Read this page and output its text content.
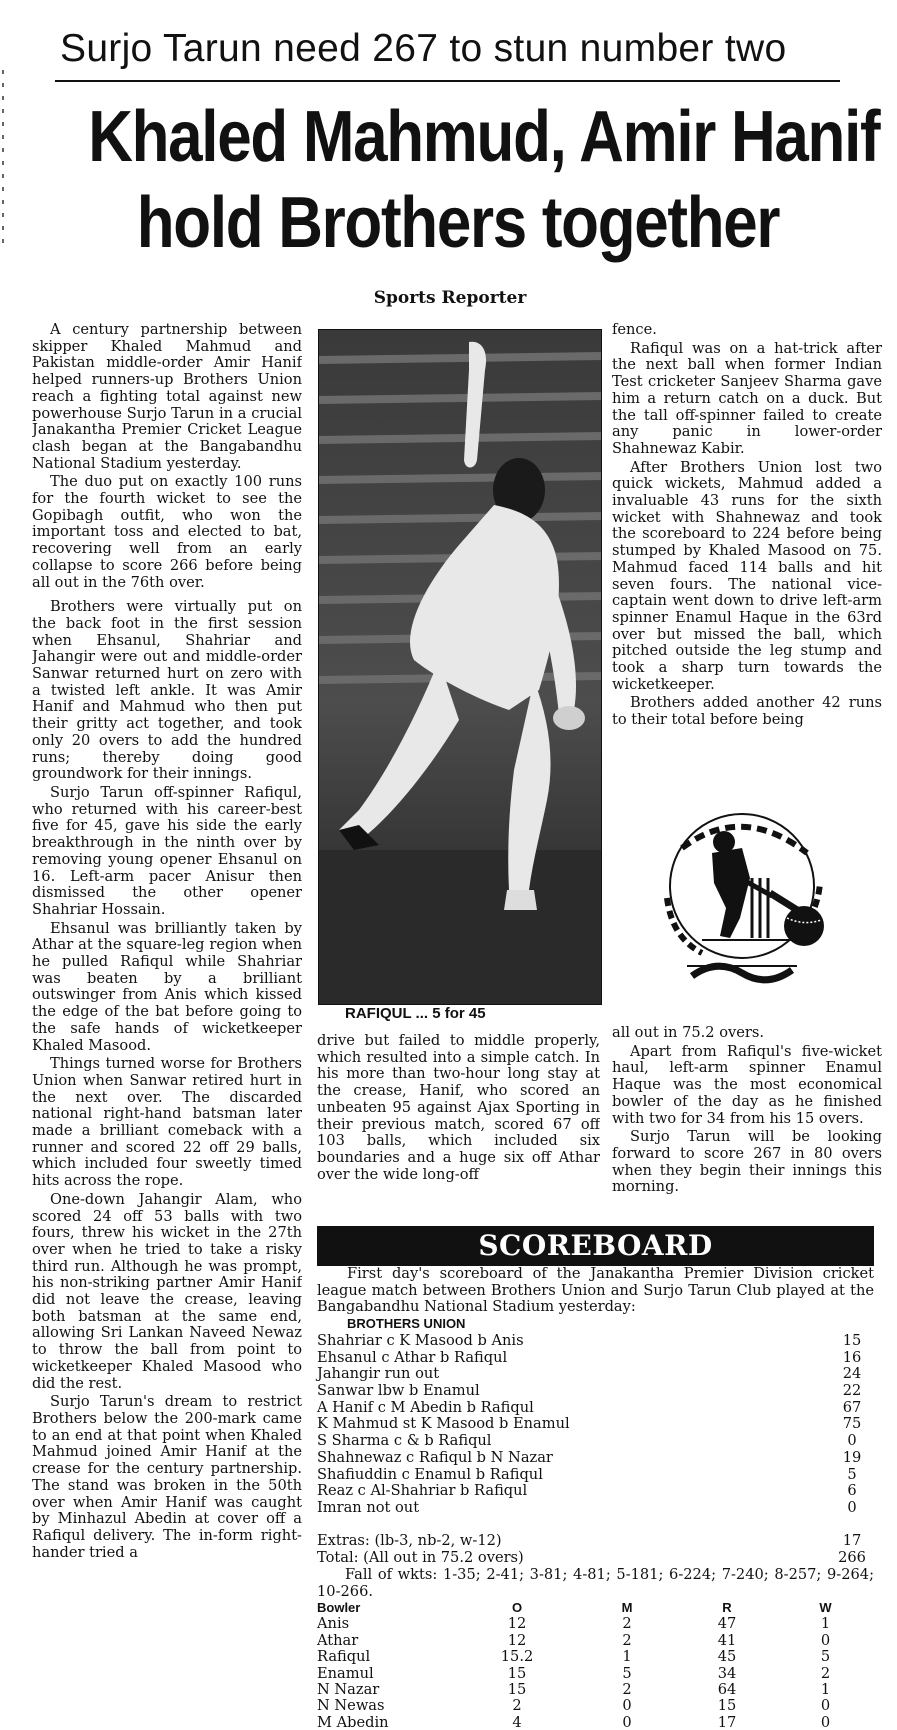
Surjo Tarun need 267 to stun number two
Khaled Mahmud, Amir Hanif
hold Brothers together
Sports Reporter

A century partnership between skipper Khaled Mahmud and Pakistan middle-order Amir Hanif helped runners-up Brothers Union reach a fighting total against new powerhouse Surjo Tarun in a crucial Janakantha Premier Cricket League clash began at the Bangabandhu National Stadium yesterday.

The duo put on exactly 100 runs for the fourth wicket to see the Gopibagh outfit, who won the important toss and elected to bat, recovering well from an early collapse to score 266 before being all out in the 76th over.

Brothers were virtually put on the back foot in the first session when Ehsanul, Shahriar and Jahangir were out and middle-order Sanwar returned hurt on zero with a twisted left ankle. It was Amir Hanif and Mahmud who then put their gritty act together, and took only 20 overs to add the hundred runs; thereby doing good groundwork for their innings.

Surjo Tarun off-spinner Rafiqul, who returned with his career-best five for 45, gave his side the early breakthrough in the ninth over by removing young opener Ehsanul on 16. Left-arm pacer Anisur then dismissed the other opener Shahriar Hossain.

Ehsanul was brilliantly taken by Athar at the square-leg region when he pulled Rafiqul while Shahriar was beaten by a brilliant outswinger from Anis which kissed the edge of the bat before going to the safe hands of wicketkeeper Khaled Masood.

Things turned worse for Brothers Union when Sanwar retired hurt in the next over. The discarded national right-hand batsman later made a brilliant comeback with a runner and scored 22 off 29 balls, which included four sweetly timed hits across the rope.

One-down Jahangir Alam, who scored 24 off 53 balls with two fours, threw his wicket in the 27th over when he tried to take a risky third run. Although he was prompt, his non-striking partner Amir Hanif did not leave the crease, leaving both batsman at the same end, allowing Sri Lankan Naveed Newaz to throw the ball from point to wicketkeeper Khaled Masood who did the rest.

Surjo Tarun's dream to restrict Brothers below the 200-mark came to an end at that point when Khaled Mahmud joined Amir Hanif at the crease for the century partnership. The stand was broken in the 50th over when Amir Hanif was caught by Minhazul Abedin at cover off a Rafiqul delivery. The in-form right-hander tried a

RAFIQUL ... 5 for 45

drive but failed to middle properly, which resulted into a simple catch. In his more than two-hour long stay at the crease, Hanif, who scored an unbeaten 95 against Ajax Sporting in their previous match, scored 67 off 103 balls, which included six boundaries and a huge six off Athar over the wide long-off

fence.

Rafiqul was on a hat-trick after the next ball when former Indian Test cricketer Sanjeev Sharma gave him a return catch on a duck. But the tall off-spinner failed to create any panic in lower-order Shahnewaz Kabir.

After Brothers Union lost two quick wickets, Mahmud added a invaluable 43 runs for the sixth wicket with Shahnewaz and took the scoreboard to 224 before being stumped by Khaled Masood on 75. Mahmud faced 114 balls and hit seven fours. The national vice-captain went down to drive left-arm spinner Enamul Haque in the 63rd over but missed the ball, which pitched outside the leg stump and took a sharp turn towards the wicketkeeper.

Brothers added another 42 runs to their total before being

all out in 75.2 overs.

Apart from Rafiqul's five-wicket haul, left-arm spinner Enamul Haque was the most economical bowler of the day as he finished with two for 34 from his 15 overs.

Surjo Tarun will be looking forward to score 267 in 80 overs when they begin their innings this morning.

SCOREBOARD
First day's scoreboard of the Janakantha Premier Division cricket league match between Brothers Union and Surjo Tarun Club played at the Bangabandhu National Stadium yesterday:
BROTHERS UNION
Shahriar c K Masood b Anis	15
Ehsanul c Athar b Rafiqul	16
Jahangir run out	24
Sanwar lbw b Enamul	22
A Hanif c M Abedin b Rafiqul	67
K Mahmud st K Masood b Enamul	75
S Sharma c & b Rafiqul	0
Shahnewaz c Rafiqul b N Nazar	19
Shafiuddin c Enamul b Rafiqul	5
Reaz c Al-Shahriar b Rafiqul	6
Imran not out	0
Extras: (lb-3, nb-2, w-12)	17
Total: (All out in 75.2 overs)	266
Fall of wkts: 1-35; 2-41; 3-81; 4-81; 5-181; 6-224; 7-240; 8-257; 9-264; 10-266.
Bowler	O	M	R	W
Anis	12	2	47	1
Athar	12	2	41	0
Rafiqul	15.2	1	45	5
Enamul	15	5	34	2
N Nazar	15	2	64	1
N Newas	2	0	15	0
M Abedin	4	0	17	0
